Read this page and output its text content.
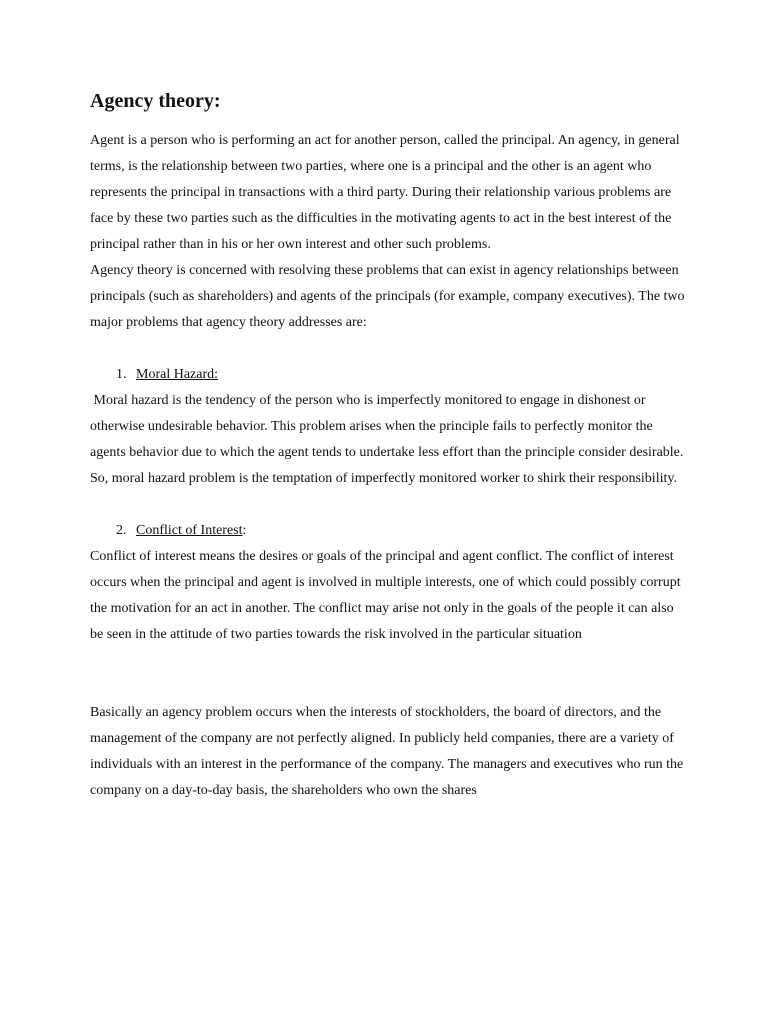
Agency theory:

Agent is a person who is performing an act for another person, called the principal. An agency, in general terms, is the relationship between two parties, where one is a principal and the other is an agent who represents the principal in transactions with a third party. During their relationship various problems are face by these two parties such as the difficulties in the motivating agents to act in the best interest of the principal rather than in his or her own interest and other such problems.

Agency theory is concerned with resolving these problems that can exist in agency relationships between principals (such as shareholders) and agents of the principals (for example, company executives). The two major problems that agency theory addresses are:

1. Moral Hazard:

Moral hazard is the tendency of the person who is imperfectly monitored to engage in dishonest or otherwise undesirable behavior. This problem arises when the principle fails to perfectly monitor the agents behavior due to which the agent tends to undertake less effort than the principle consider desirable. So, moral hazard problem is the temptation of imperfectly monitored worker to shirk their responsibility.

2. Conflict of Interest:

Conflict of interest means the desires or goals of the principal and agent conflict. The conflict of interest occurs when the principal and agent is involved in multiple interests, one of which could possibly corrupt the motivation for an act in another. The conflict may arise not only in the goals of the people it can also be seen in the attitude of two parties towards the risk involved in the particular situation

Basically an agency problem occurs when the interests of stockholders, the board of directors, and the management of the company are not perfectly aligned. In publicly held companies, there are a variety of individuals with an interest in the performance of the company. The managers and executives who run the company on a day-to-day basis, the shareholders who own the shares
